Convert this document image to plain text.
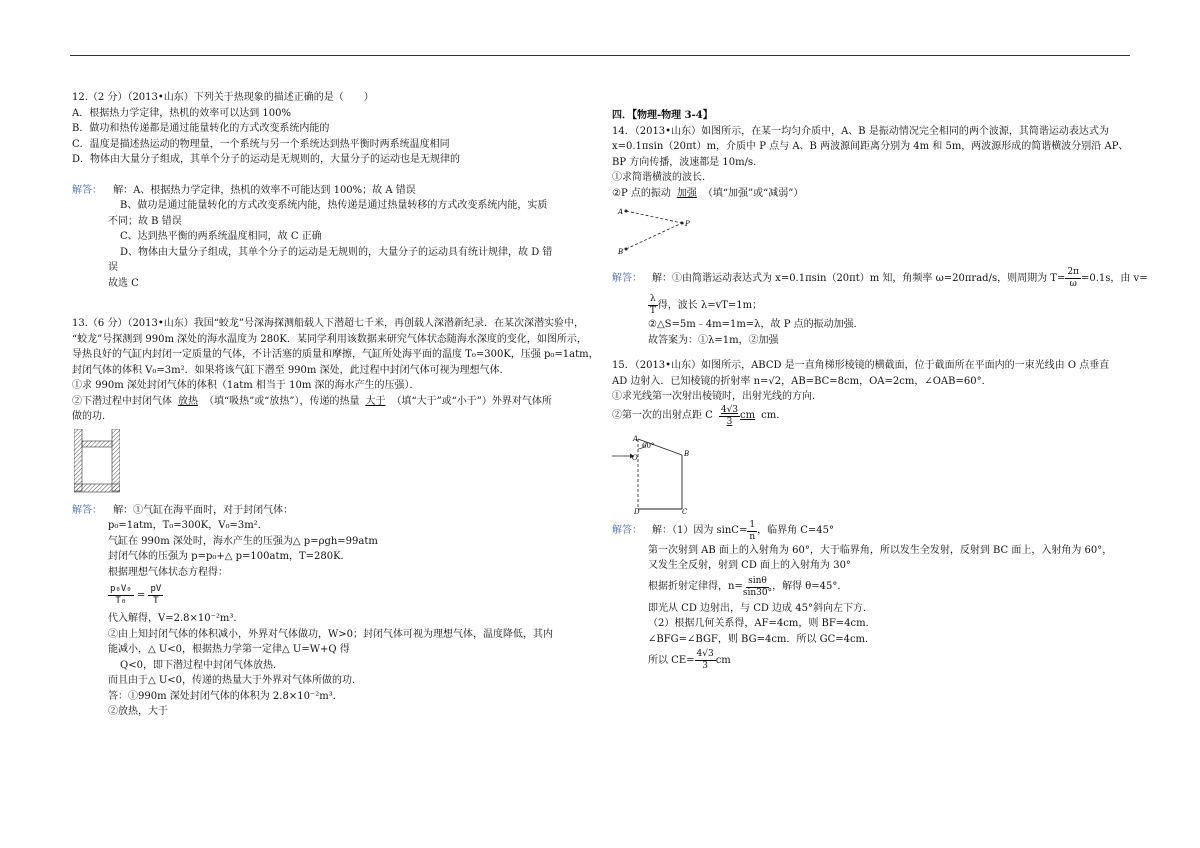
12.（2 分）（2013•山东）下列关于热现象的描述正确的是（　　）
A．根据热力学定律，热机的效率可以达到 100%
B．做功和热传递都是通过能量转化的方式改变系统内能的
C．温度是描述热运动的物理量，一个系统与另一个系统达到热平衡时两系统温度相同
D．物体由大量分子组成，其单个分子的运动是无规则的，大量分子的运动也是无规律的
解答： 解：A、根据热力学定律，热机的效率不可能达到 100%；故 A 错误
B、做功是通过能量转化的方式改变系统内能，热传递是通过热量转移的方式改变系统内能，实质
不同；故 B 错误
C、达到热平衡的两系统温度相同，故 C 正确
D、物体由大量分子组成，其单个分子的运动是无规则的，大量分子的运动具有统计规律，故 D 错
误
故选 C
13.（6 分）（2013•山东）我国“蛟龙”号深海探测船载人下潜超七千米，再创载人深潜新纪录．在某次深潜实验中，
“蛟龙”号探测到 990m 深处的海水温度为 280K．某同学利用该数据来研究气体状态随海水深度的变化，如图所示，
导热良好的气缸内封闭一定质量的气体，不计活塞的质量和摩擦，气缸所处海平面的温度 T₀=300K，压强 p₀=1atm，
封闭气体的体积 V₀=3m²．如果将该气缸下潜至 990m 深处，此过程中封闭气体可视为理想气体．
①求 990m 深处封闭气体的体积（1atm 相当于 10m 深的海水产生的压强）．
②下潜过程中封闭气体 放热 （填“吸热”或“放热”），传递的热量 大于 （填“大于”或“小于”）外界对气体所
做的功．
解答： 解：①气缸在海平面时，对于封闭气体：
p₀=1atm，T₀=300K，V₀=3m²．
气缸在 990m 深处时，海水产生的压强为△ p=ρgh=99atm
封闭气体的压强为 p=p₀+△ p=100atm，T=280K．
根据理想气体状态方程得：
$\frac{\text{p₀V₀}}{\text{T₀}} = \frac{pV}{T}$
代入解得，V=2.8×10⁻²m³．
②由上知封闭气体的体积减小，外界对气体做功，W>0；封闭气体可视为理想气体，温度降低，其内
能减小，△ U<0，根据热力学第一定律△ U=W+Q 得
Q<0，即下潜过程中封闭气体放热．
而且由于△ U<0，传递的热量大于外界对气体所做的功．
答：①990m 深处封闭气体的体积为 2.8×10⁻²m³．
②放热，大于
四．【物理-物理 3-4】
14．（2013•山东）如图所示，在某一均匀介质中，A、B 是振动情况完全相同的两个波源，其简谐运动表达式为
x=0.1πsin（20πt）m，介质中 P 点与 A、B 两波源间距离分别为 4m 和 5m，两波源形成的简谐横波分别沿 AP、
BP 方向传播，波速都是 10m/s．
①求简谐横波的波长．
②P 点的振动 加强 （填“加强”或“减弱”）
A
P
B
解答：	解：①由简谐运动表达式为 x=0.1πsin（20πt）m 知，角频率 ω=20πrad/s，则周期为 $T= \frac{2\pi}{\omega} =0.1s$，由 v=
$\frac{\lambda}{T}$ 得，波长 λ=vT=1m；
②△S=5m﹣4m=1m=λ，故 P 点的振动加强．
故答案为：①λ=1m，②加强
15．（2013•山东）如图所示，ABCD 是一直角梯形棱镜的横截面，位于截面所在平面内的一束光线由 O 点垂直
AD 边射入．已知棱镜的折射率 n=√2，AB=BC=8cm，OA=2cm，∠OAB=60°．
①求光线第一次射出棱镜时，出射光线的方向．
②第一次的出射点距 C $\frac{4√3}{3}$ cm cm．
A
60°
O	B
D	C
解答：	解：（1）因为 $\sin C= \frac{1}{n}$ ，临界角 C=45°
第一次射到 AB 面上的入射角为 60°，大于临界角，所以发生全发射，反射到 BC 面上，入射角为 60°，
又发生全反射，射到 CD 面上的入射角为 30°
根据折射定律得，$n= \frac{\sin\theta}{\sin 30^\circ}$ ，解得 θ=45°．
即光从 CD 边射出，与 CD 边成 45°斜向左下方．
（2）根据几何关系得，AF=4cm，则 BF=4cm．
∠BFG=∠BGF，则 BG=4cm．所以 GC=4cm．
所以 $CE= \frac{4√3}{3}$ cm
